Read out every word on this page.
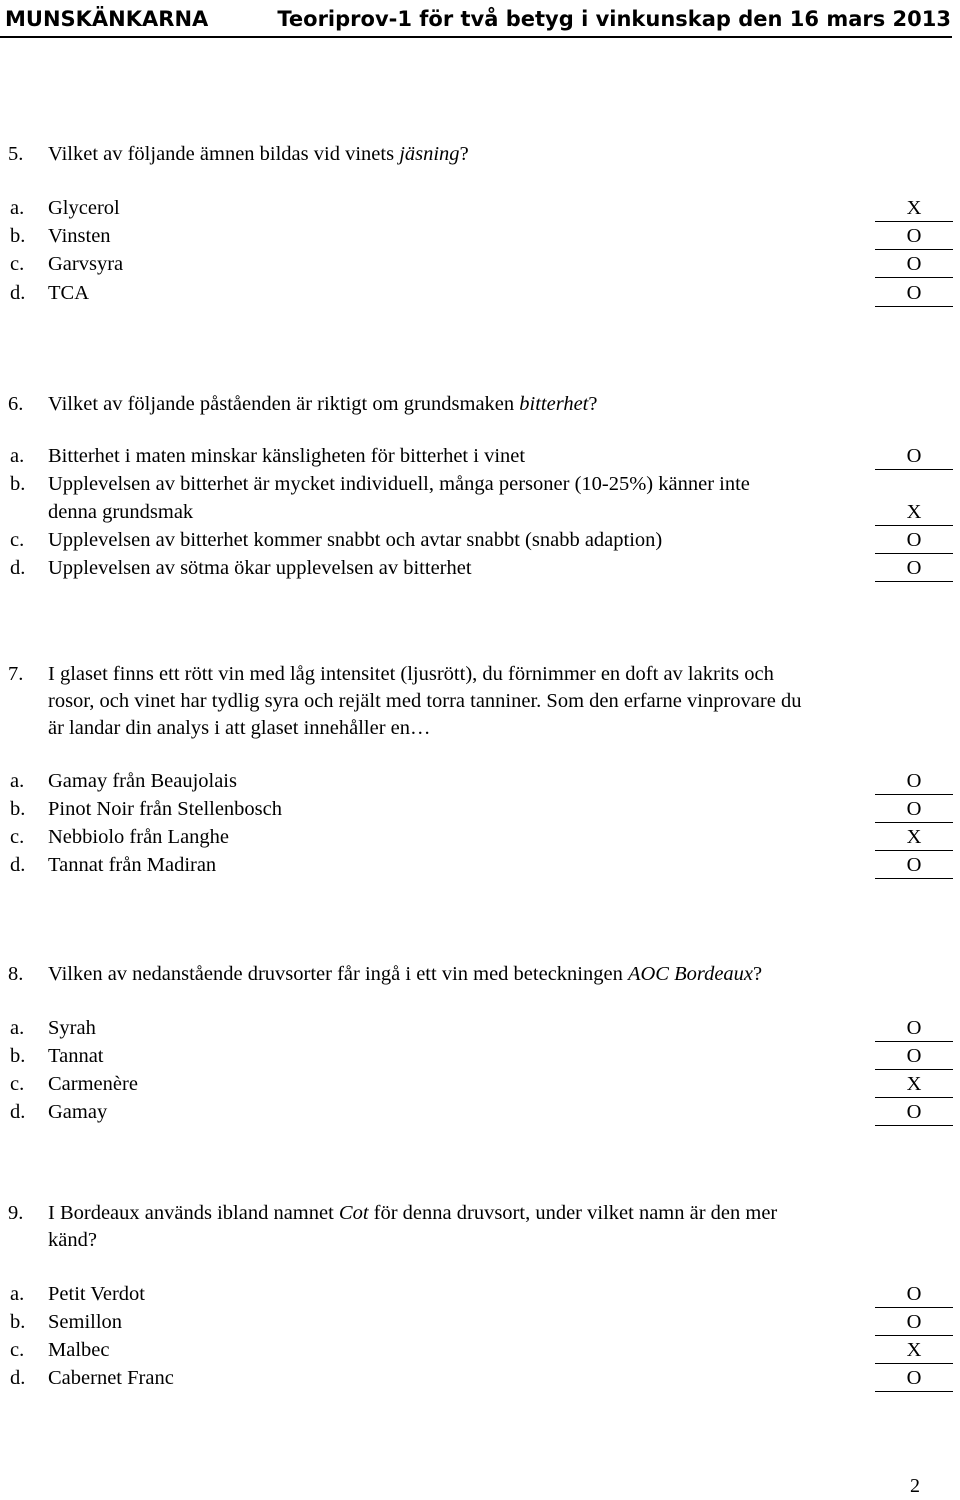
MUNSKÄNKARNA	Teoriprov-1 för två betyg i vinkunskap den 16 mars 2013
5. Vilket av följande ämnen bildas vid vinets jäsning?
a. Glycerol	X
b. Vinsten	O
c. Garvsyra	O
d. TCA	O
6. Vilket av följande påståenden är riktigt om grundsmaken bitterhet?
a. Bitterhet i maten minskar känsligheten för bitterhet i vinet	O
b. Upplevelsen av bitterhet är mycket individuell, många personer (10-25%) känner inte
denna grundsmak	X
c. Upplevelsen av bitterhet kommer snabbt och avtar snabbt (snabb adaption)	O
d. Upplevelsen av sötma ökar upplevelsen av bitterhet	O
7. I glaset finns ett rött vin med låg intensitet (ljusrött), du förnimmer en doft av lakrits och
rosor, och vinet har tydlig syra och rejält med torra tanniner. Som den erfarne vinprovare du
är landar din analys i att glaset innehåller en…
a. Gamay från Beaujolais	O
b. Pinot Noir från Stellenbosch	O
c. Nebbiolo från Langhe	X
d. Tannat från Madiran	O
8. Vilken av nedanstående druvsorter får ingå i ett vin med beteckningen AOC Bordeaux?
a. Syrah	O
b. Tannat	O
c. Carmenère	X
d. Gamay	O
9. I Bordeaux används ibland namnet Cot för denna druvsort, under vilket namn är den mer
känd?
a. Petit Verdot	O
b. Semillon	O
c. Malbec	X
d. Cabernet Franc	O
2
